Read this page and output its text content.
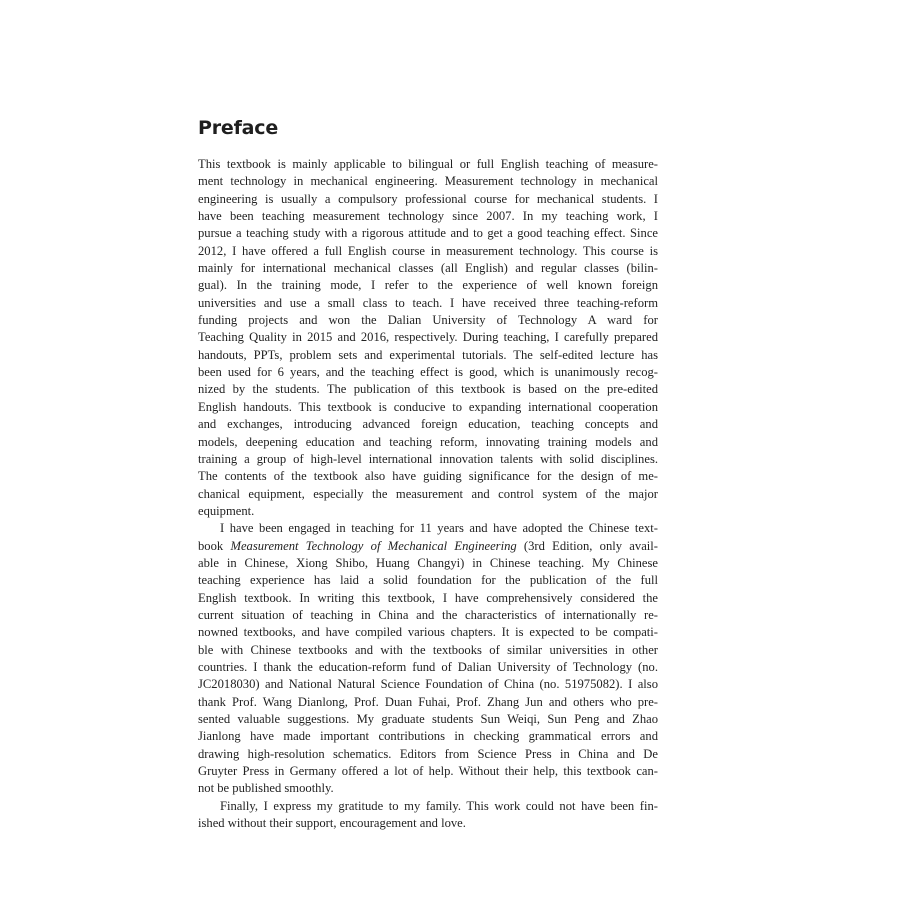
Preface
This textbook is mainly applicable to bilingual or full English teaching of measure-
ment technology in mechanical engineering. Measurement technology in mechanical
engineering is usually a compulsory professional course for mechanical students. I
have been teaching measurement technology since 2007. In my teaching work, I
pursue a teaching study with a rigorous attitude and to get a good teaching effect. Since
2012, I have offered a full English course in measurement technology. This course is
mainly for international mechanical classes (all English) and regular classes (bilin-
gual). In the training mode, I refer to the experience of well known foreign
universities and use a small class to teach. I have received three teaching-reform
funding projects and won the Dalian University of Technology A ward for
Teaching Quality in 2015 and 2016, respectively. During teaching, I carefully prepared
handouts, PPTs, problem sets and experimental tutorials. The self-edited lecture has
been used for 6 years, and the teaching effect is good, which is unanimously recog-
nized by the students. The publication of this textbook is based on the pre-edited
English handouts. This textbook is conducive to expanding international cooperation
and exchanges, introducing advanced foreign education, teaching concepts and
models, deepening education and teaching reform, innovating training models and
training a group of high-level international innovation talents with solid disciplines.
The contents of the textbook also have guiding significance for the design of me-
chanical equipment, especially the measurement and control system of the major
equipment.
I have been engaged in teaching for 11 years and have adopted the Chinese text-
book Measurement Technology of Mechanical Engineering (3rd Edition, only avail-
able in Chinese, Xiong Shibo, Huang Changyi) in Chinese teaching. My Chinese
teaching experience has laid a solid foundation for the publication of the full
English textbook. In writing this textbook, I have comprehensively considered the
current situation of teaching in China and the characteristics of internationally re-
nowned textbooks, and have compiled various chapters. It is expected to be compati-
ble with Chinese textbooks and with the textbooks of similar universities in other
countries. I thank the education-reform fund of Dalian University of Technology (no.
JC2018030) and National Natural Science Foundation of China (no. 51975082). I also
thank Prof. Wang Dianlong, Prof. Duan Fuhai, Prof. Zhang Jun and others who pre-
sented valuable suggestions. My graduate students Sun Weiqi, Sun Peng and Zhao
Jianlong have made important contributions in checking grammatical errors and
drawing high-resolution schematics. Editors from Science Press in China and De
Gruyter Press in Germany offered a lot of help. Without their help, this textbook can-
not be published smoothly.
Finally, I express my gratitude to my family. This work could not have been fin-
ished without their support, encouragement and love.
